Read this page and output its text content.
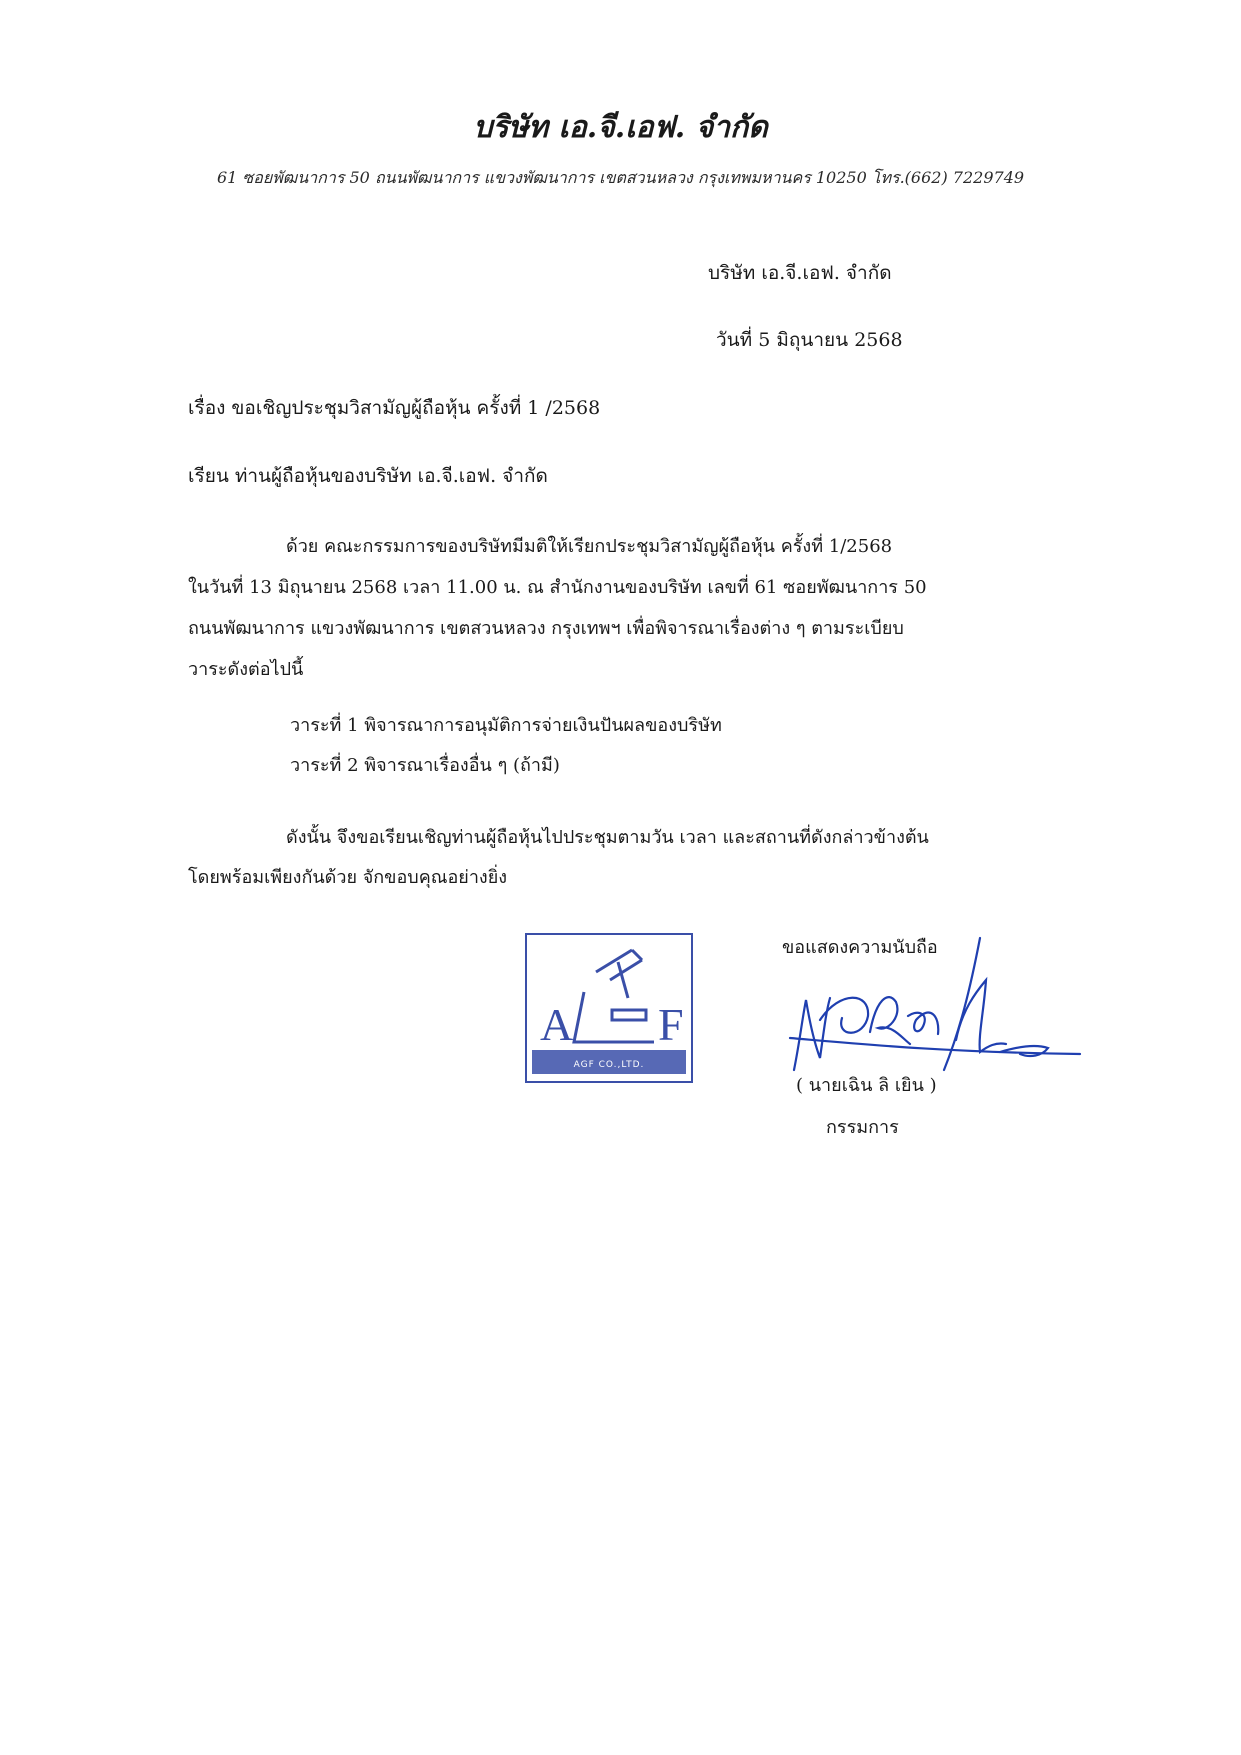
บริษัท เอ.จี.เอฟ. จำกัด
61 ซอยพัฒนาการ 50 ถนนพัฒนาการ แขวงพัฒนาการ เขตสวนหลวง กรุงเทพมหานคร 10250 โทร.(662) 7229749
บริษัท เอ.จี.เอฟ. จำกัด
วันที่ 5 มิถุนายน 2568
เรื่อง ขอเชิญประชุมวิสามัญผู้ถือหุ้น ครั้งที่ 1 /2568
เรียน ท่านผู้ถือหุ้นของบริษัท เอ.จี.เอฟ. จำกัด
ด้วย คณะกรรมการของบริษัทมีมติให้เรียกประชุมวิสามัญผู้ถือหุ้น ครั้งที่ 1/2568
ในวันที่ 13 มิถุนายน 2568 เวลา 11.00 น. ณ สำนักงานของบริษัท เลขที่ 61 ซอยพัฒนาการ 50
ถนนพัฒนาการ แขวงพัฒนาการ เขตสวนหลวง กรุงเทพฯ เพื่อพิจารณาเรื่องต่าง ๆ ตามระเบียบ
วาระดังต่อไปนี้
วาระที่ 1 พิจารณาการอนุมัติการจ่ายเงินปันผลของบริษัท
วาระที่ 2 พิจารณาเรื่องอื่น ๆ (ถ้ามี)
ดังนั้น จึงขอเรียนเชิญท่านผู้ถือหุ้นไปประชุมตามวัน เวลา และสถานที่ดังกล่าวข้างต้น
โดยพร้อมเพียงกันด้วย จักขอบคุณอย่างยิ่ง
A F
AGF CO.,LTD.
ขอแสดงความนับถือ
( นายเฉิน ลิ เยิน )
กรรมการ
